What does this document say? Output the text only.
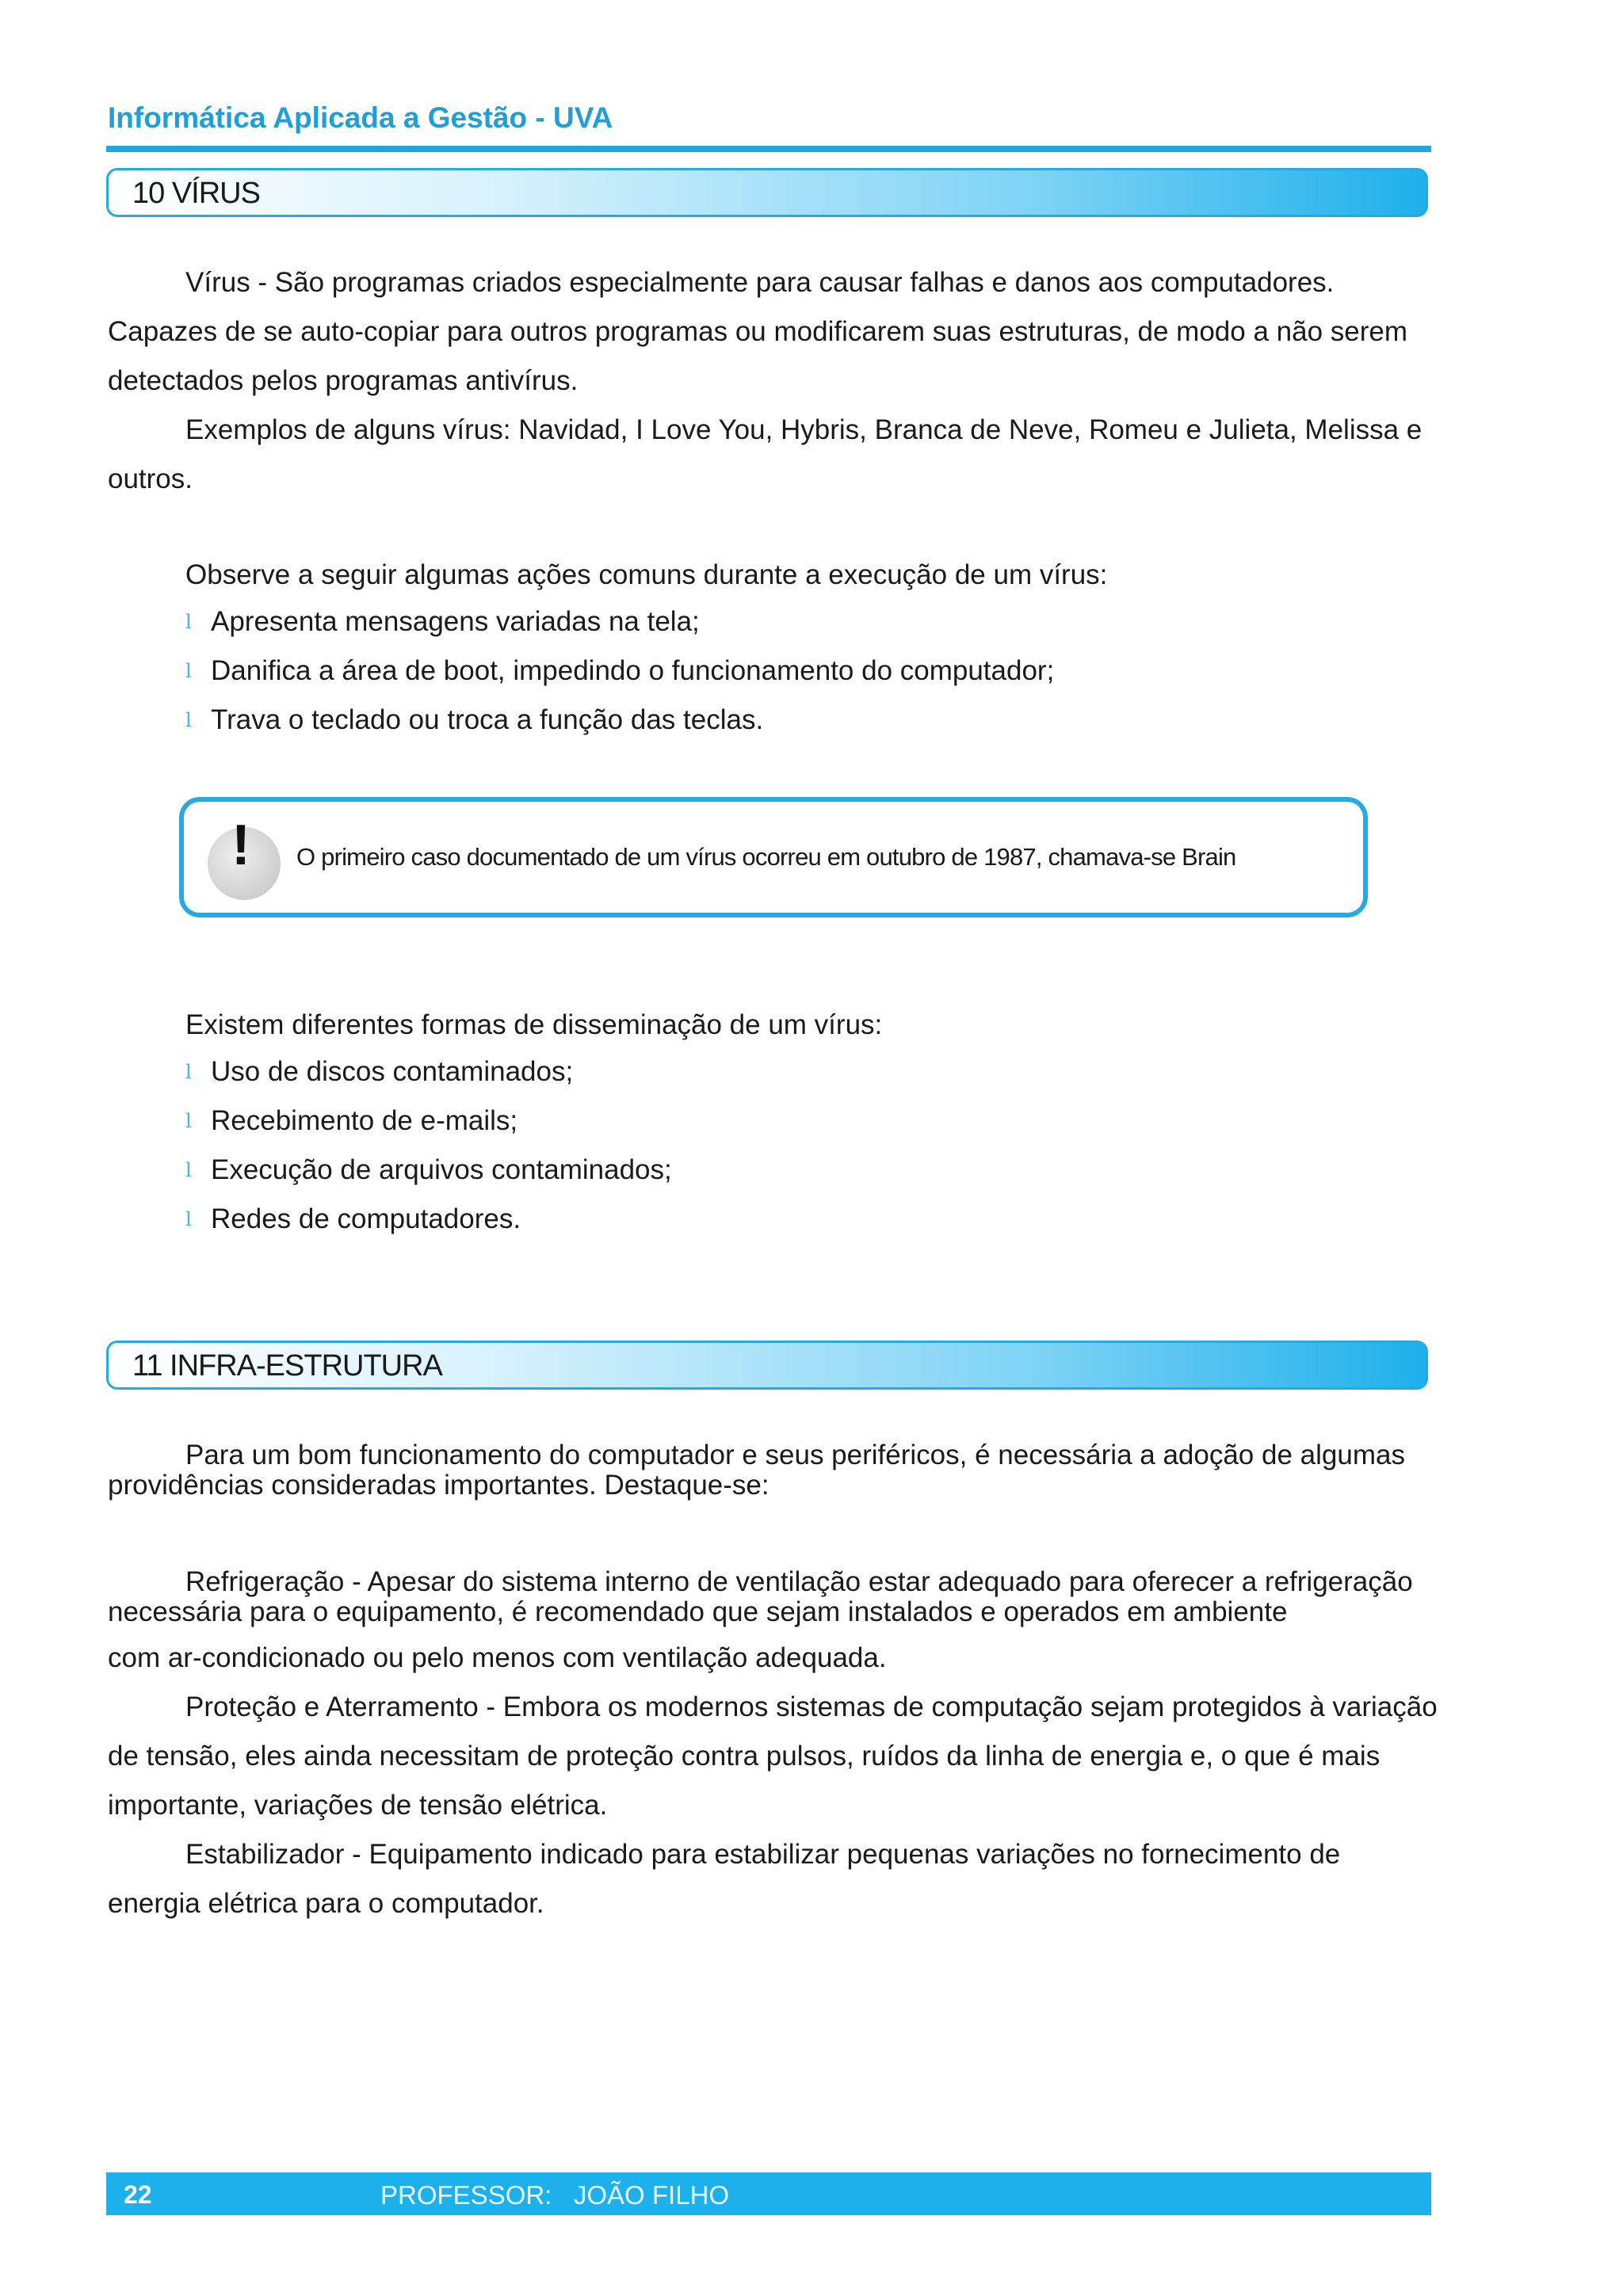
Informática Aplicada a Gestão - UVA
10 VÍRUS

Vírus - São programas criados especialmente para causar falhas e danos aos computadores. Capazes de se auto-copiar para outros programas ou modificarem suas estruturas, de modo a não serem detectados pelos programas antivírus.

Exemplos de alguns vírus: Navidad, I Love You, Hybris, Branca de Neve, Romeu e Julieta, Melissa e outros.

Observe a seguir algumas ações comuns durante a execução de um vírus:

l Apresenta mensagens variadas na tela;
l Danifica a área de boot, impedindo o funcionamento do computador;
l Trava o teclado ou troca a função das teclas.
! O primeiro caso documentado de um vírus ocorreu em outubro de 1987, chamava-se Brain

Existem diferentes formas de disseminação de um vírus:

l Uso de discos contaminados;
l Recebimento de e-mails;
l Execução de arquivos contaminados;
l Redes de computadores.
11 INFRA-ESTRUTURA

Para um bom funcionamento do computador e seus periféricos, é necessária a adoção de algumas providências consideradas importantes. Destaque-se:

Refrigeração - Apesar do sistema interno de ventilação estar adequado para oferecer a refrigeração
necessária para o equipamento, é recomendado que sejam instalados e operados em ambiente

com ar-condicionado ou pelo menos com ventilação adequada.

Proteção e Aterramento - Embora os modernos sistemas de computação sejam protegidos à variação de tensão, eles ainda necessitam de proteção contra pulsos, ruídos da linha de energia e, o que é mais importante, variações de tensão elétrica.

Estabilizador - Equipamento indicado para estabilizar pequenas variações no fornecimento de energia elétrica para o computador.

22	PROFESSOR:   JOÃO FILHO
